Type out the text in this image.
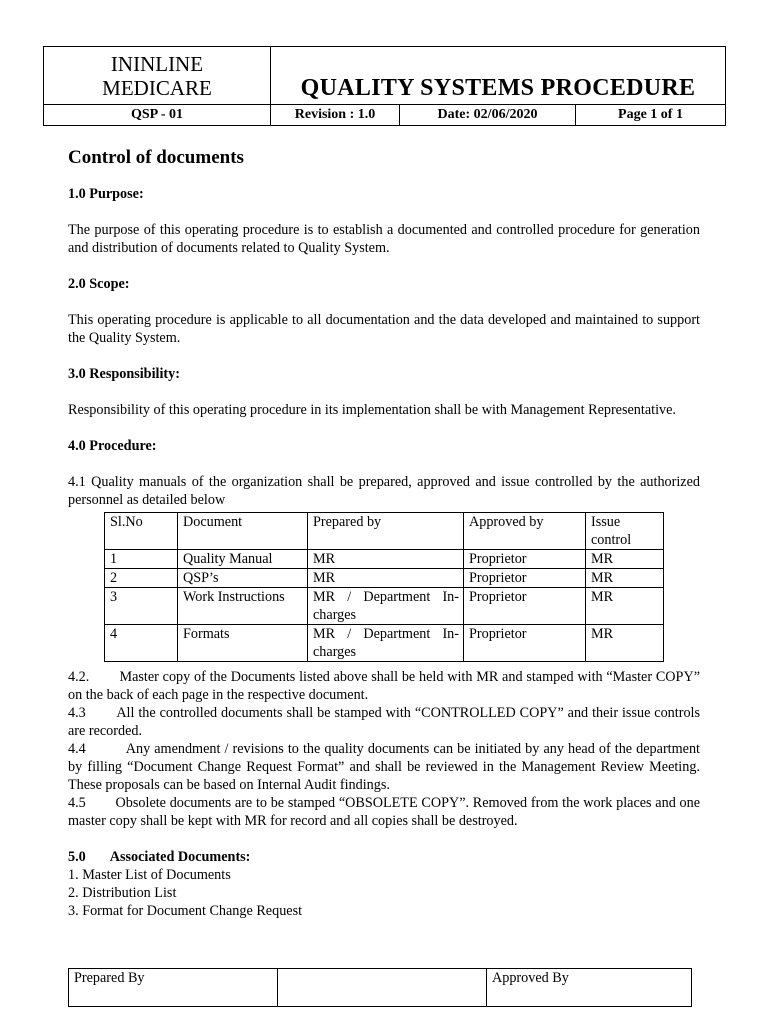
ININLINE
MEDICARE	QUALITY SYSTEMS PROCEDURE		
QSP - 01	Revision : 1.0	Date: 02/06/2020	Page 1 of 1
Control of documents

1.0 Purpose:

The purpose of this operating procedure is to establish a documented and controlled procedure for generation and distribution of documents related to Quality System.

2.0 Scope:

This operating procedure is applicable to all documentation and the data developed and maintained to support the Quality System.

3.0 Responsibility:

Responsibility of this operating procedure in its implementation shall be with Management Representative.

4.0 Procedure:

4.1 Quality manuals of the organization shall be prepared, approved and issue controlled by the authorized personnel as detailed below

Sl.No	Document	Prepared by	Approved by	Issue control
1	Quality Manual	MR	Proprietor	MR
2	QSP’s	MR	Proprietor	MR
3	Work Instructions	MR / Department In-charges	Proprietor	MR
4	Formats	MR / Department In-charges	Proprietor	MR

4.2.        Master copy of the Documents listed above shall be held with MR and stamped with “Master COPY” on the back of each page in the respective document.

4.3        All the controlled documents shall be stamped with “CONTROLLED COPY” and their issue controls are recorded.

4.4          Any amendment / revisions to the quality documents can be initiated by any head of the department by filling “Document Change Request Format” and shall be reviewed in the Management Review Meeting. These proposals can be based on Internal Audit findings.

4.5        Obsolete documents are to be stamped “OBSOLETE COPY”. Removed from the work places and one master copy shall be kept with MR for record and all copies shall be destroyed.

5.0 Associated Documents:

1. Master List of Documents

2. Distribution List

3. Format for Document Change Request

Prepared By		Approved By
